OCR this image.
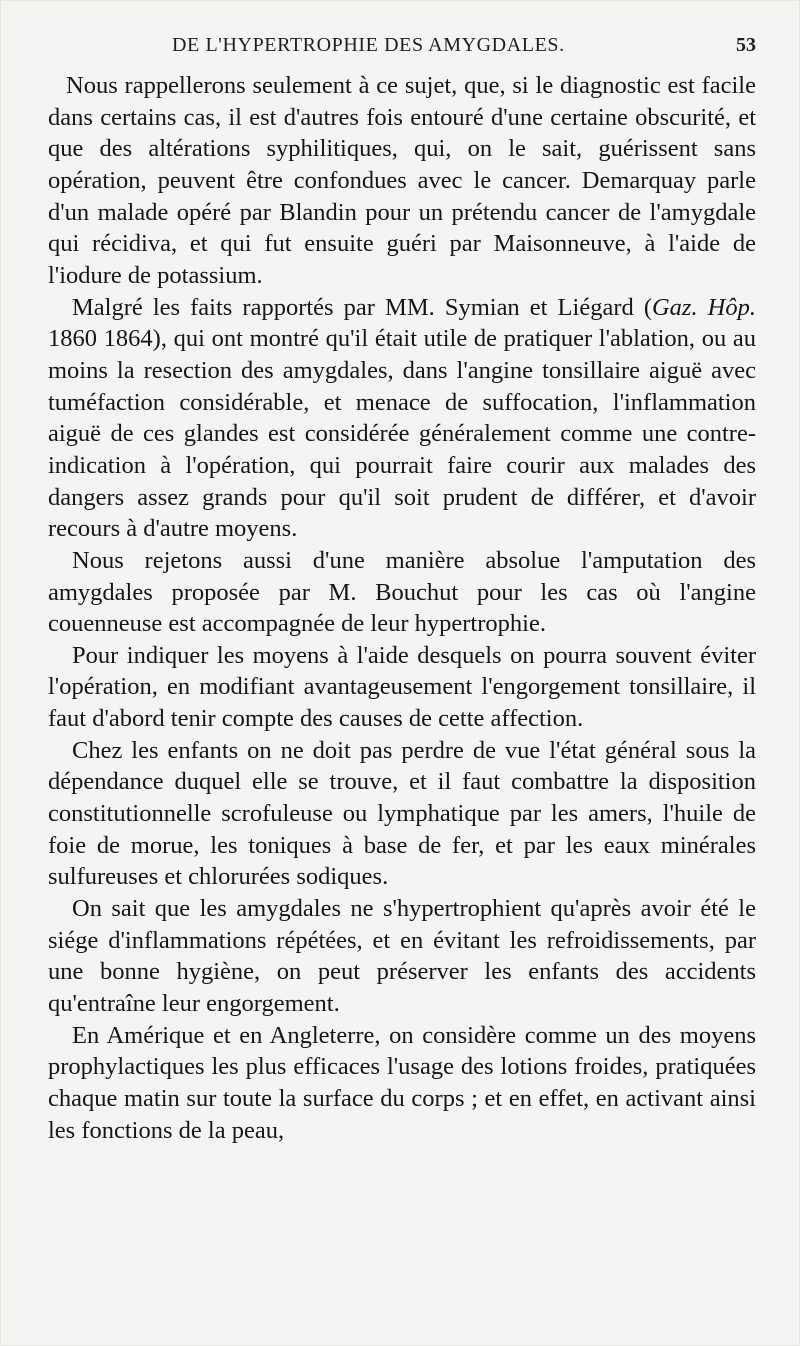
DE L'HYPERTROPHIE DES AMYGDALES.	53

Nous rappellerons seulement à ce sujet, que, si le diagnostic est facile dans certains cas, il est d'autres fois entouré d'une certaine obscurité, et que des altérations syphilitiques, qui, on le sait, guérissent sans opération, peuvent être confondues avec le cancer. Demarquay parle d'un malade opéré par Blandin pour un prétendu cancer de l'amygdale qui récidiva, et qui fut ensuite guéri par Maisonneuve, à l'aide de l'iodure de potassium.

Malgré les faits rapportés par MM. Symian et Liégard (Gaz. Hôp. 1860 1864), qui ont montré qu'il était utile de pratiquer l'ablation, ou au moins la resection des amygdales, dans l'angine tonsillaire aiguë avec tuméfaction considérable, et menace de suffocation, l'inflammation aiguë de ces glandes est considérée généralement comme une contre-indication à l'opération, qui pourrait faire courir aux malades des dangers assez grands pour qu'il soit prudent de différer, et d'avoir recours à d'autre moyens.

Nous rejetons aussi d'une manière absolue l'amputation des amygdales proposée par M. Bouchut pour les cas où l'angine couenneuse est accompagnée de leur hypertrophie.

Pour indiquer les moyens à l'aide desquels on pourra souvent éviter l'opération, en modifiant avantageusement l'engorgement tonsillaire, il faut d'abord tenir compte des causes de cette affection.

Chez les enfants on ne doit pas perdre de vue l'état général sous la dépendance duquel elle se trouve, et il faut combattre la disposition constitutionnelle scrofuleuse ou lymphatique par les amers, l'huile de foie de morue, les toniques à base de fer, et par les eaux minérales sulfureuses et chlorurées sodiques.

On sait que les amygdales ne s'hypertrophient qu'après avoir été le siége d'inflammations répétées, et en évitant les refroidissements, par une bonne hygiène, on peut préserver les enfants des accidents qu'entraîne leur engorgement.

En Amérique et en Angleterre, on considère comme un des moyens prophylactiques les plus efficaces l'usage des lotions froides, pratiquées chaque matin sur toute la surface du corps ; et en effet, en activant ainsi les fonctions de la peau,
